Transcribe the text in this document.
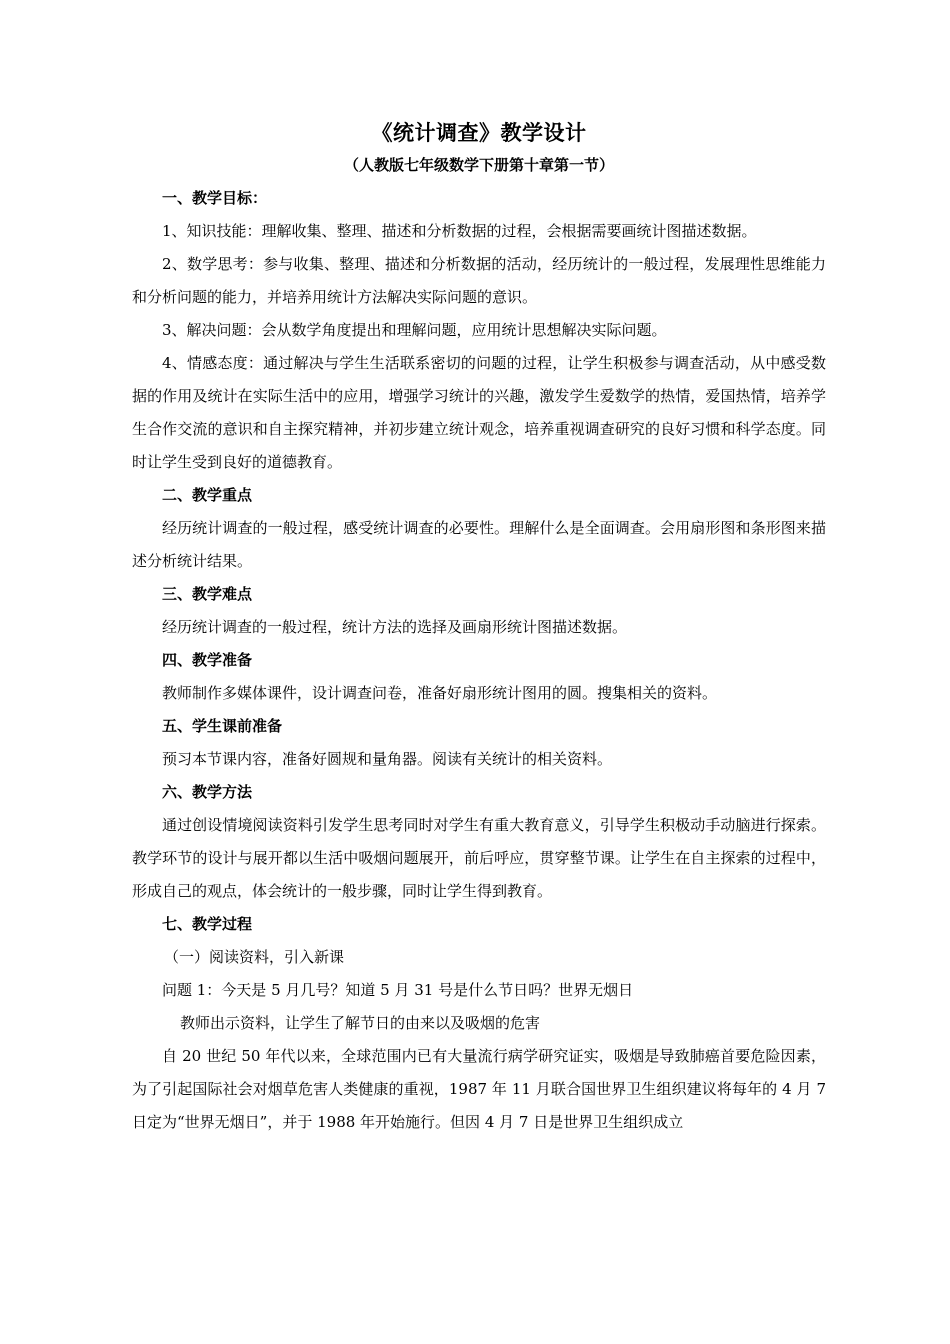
《统计调查》教学设计

（人教版七年级数学下册第十章第一节）

一、教学目标：

1、知识技能：理解收集、整理、描述和分析数据的过程，会根据需要画统计图描述数据。

2、数学思考：参与收集、整理、描述和分析数据的活动，经历统计的一般过程，发展理性思维能力和分析问题的能力，并培养用统计方法解决实际问题的意识。

3、解决问题：会从数学角度提出和理解问题，应用统计思想解决实际问题。

4、情感态度：通过解决与学生生活联系密切的问题的过程，让学生积极参与调查活动，从中感受数据的作用及统计在实际生活中的应用，增强学习统计的兴趣，激发学生爱数学的热情，爱国热情，培养学生合作交流的意识和自主探究精神，并初步建立统计观念，培养重视调查研究的良好习惯和科学态度。同时让学生受到良好的道德教育。

二、教学重点

经历统计调查的一般过程，感受统计调查的必要性。理解什么是全面调查。会用扇形图和条形图来描述分析统计结果。

三、教学难点

经历统计调查的一般过程，统计方法的选择及画扇形统计图描述数据。

四、教学准备

教师制作多媒体课件，设计调查问卷，准备好扇形统计图用的圆。搜集相关的资料。

五、学生课前准备

预习本节课内容，准备好圆规和量角器。阅读有关统计的相关资料。

六、教学方法

通过创设情境阅读资料引发学生思考同时对学生有重大教育意义，引导学生积极动手动脑进行探索。教学环节的设计与展开都以生活中吸烟问题展开，前后呼应，贯穿整节课。让学生在自主探索的过程中，形成自己的观点，体会统计的一般步骤，同时让学生得到教育。

七、教学过程

（一）阅读资料，引入新课

问题 1：今天是 5 月几号？知道 5 月 31 号是什么节日吗？世界无烟日

教师出示资料，让学生了解节日的由来以及吸烟的危害

自 20 世纪 50 年代以来，全球范围内已有大量流行病学研究证实，吸烟是导致肺癌首要危险因素，为了引起国际社会对烟草危害人类健康的重视，1987 年 11 月联合国世界卫生组织建议将每年的 4 月 7 日定为“世界无烟日”，并于 1988 年开始施行。但因 4 月 7 日是世界卫生组织成立
